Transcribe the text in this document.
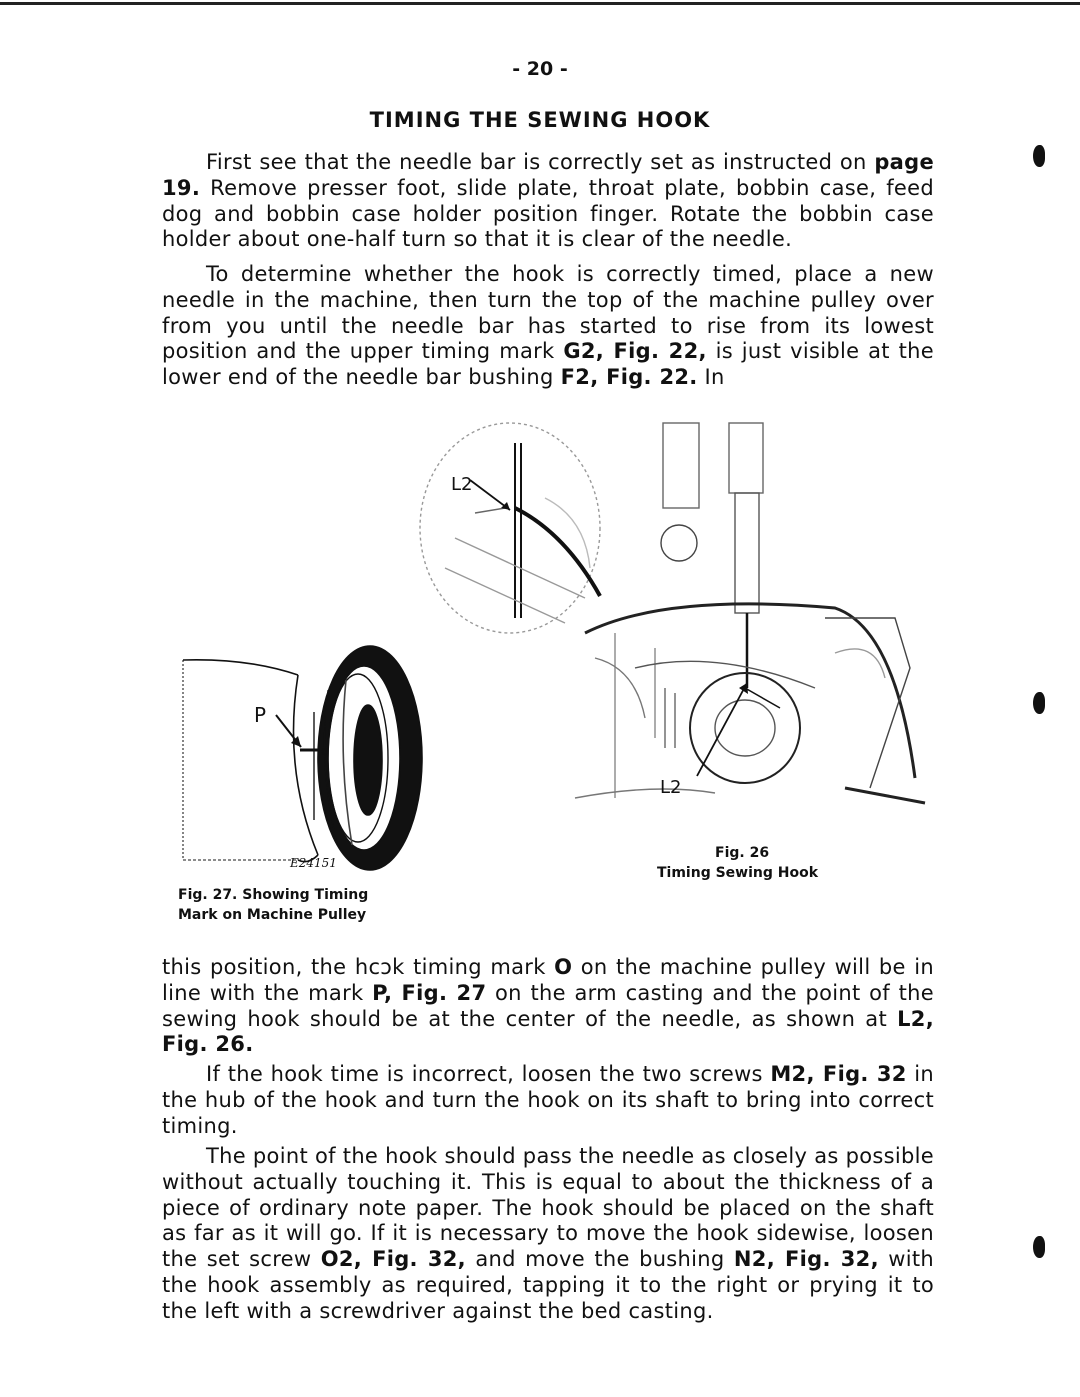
- 20 -
TIMING THE SEWING HOOK
First see that the needle bar is correctly set as instructed on page 19. Remove presser foot, slide plate, throat plate, bobbin case, feed dog and bobbin case holder position finger. Rotate the bobbin case holder about one-half turn so that it is clear of the needle.
To determine whether the hook is correctly timed, place a new needle in the machine, then turn the top of the machine pulley over from you until the needle bar has started to rise from its lowest position and the upper timing mark G2, Fig. 22, is just visible at the lower end of the needle bar bushing F2, Fig. 22. In
L2
L2
Fig. 26
Timing Sewing Hook
P
o
E24151
Fig. 27. Showing Timing
Mark on Machine Pulley
this position, the hcɔk timing mark O on the machine pulley will be in line with the mark P, Fig. 27 on the arm casting and the point of the sewing hook should be at the center of the needle, as shown at L2, Fig. 26.
If the hook time is incorrect, loosen the two screws M2, Fig. 32 in the hub of the hook and turn the hook on its shaft to bring into correct timing.
The point of the hook should pass the needle as closely as possible without actually touching it. This is equal to about the thickness of a piece of ordinary note paper. The hook should be placed on the shaft as far as it will go. If it is necessary to move the hook sidewise, loosen the set screw O2, Fig. 32, and move the bushing N2, Fig. 32, with the hook assembly as required, tapping it to the right or prying it to the left with a screwdriver against the bed casting.
